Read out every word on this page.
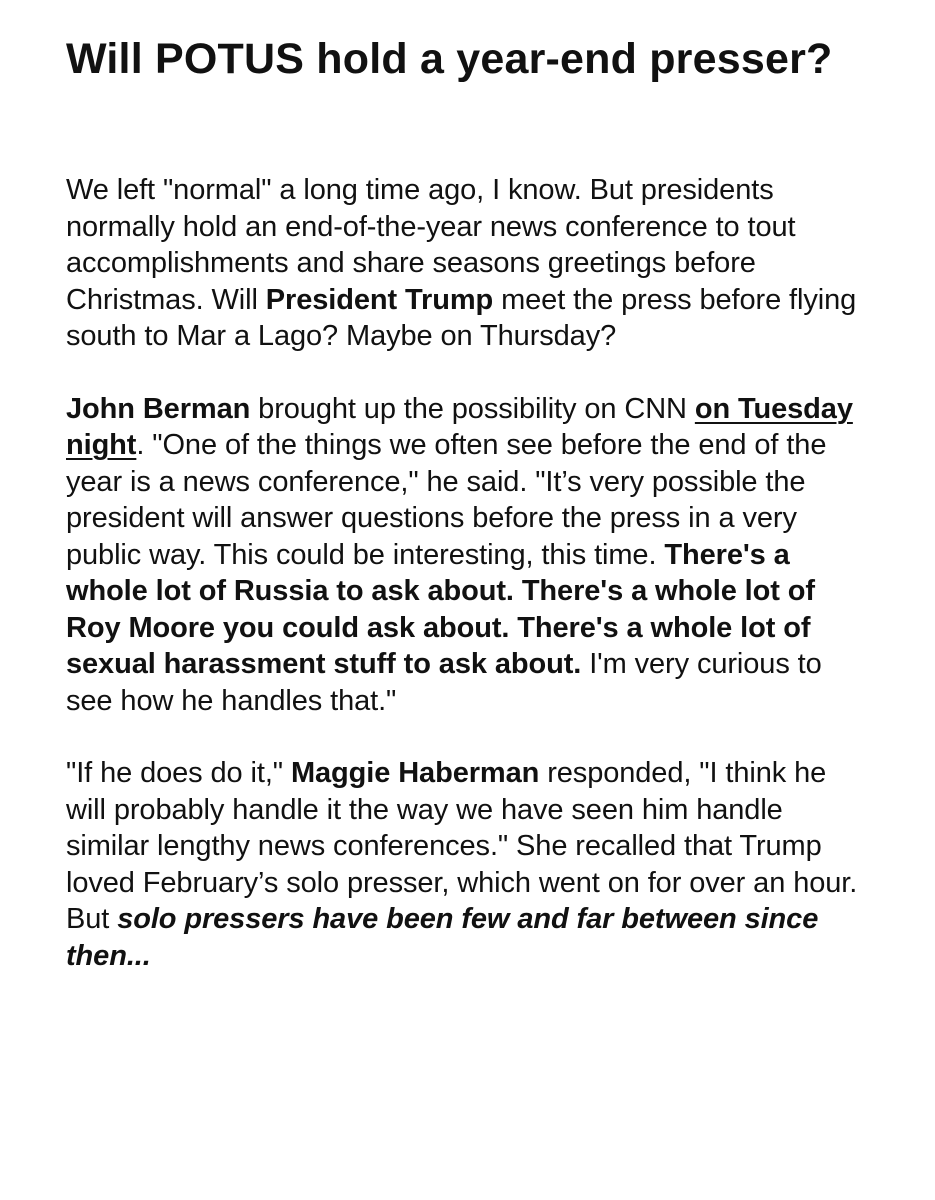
Will POTUS hold a year-end presser?

We left "normal" a long time ago, I know. But presidents normally hold an end-of-the-year news conference to tout accomplishments and share seasons greetings before Christmas. Will President Trump meet the press before flying south to Mar a Lago? Maybe on Thursday?

John Berman brought up the possibility on CNN on Tuesday night. "One of the things we often see before the end of the year is a news conference," he said. "It’s very possible the president will answer questions before the press in a very public way. This could be interesting, this time. There's a whole lot of Russia to ask about. There's a whole lot of Roy Moore you could ask about. There's a whole lot of sexual harassment stuff to ask about. I'm very curious to see how he handles that."

"If he does do it," Maggie Haberman responded, "I think he will probably handle it the way we have seen him handle similar lengthy news conferences." She recalled that Trump loved February’s solo presser, which went on for over an hour. But solo pressers have been few and far between since then...
